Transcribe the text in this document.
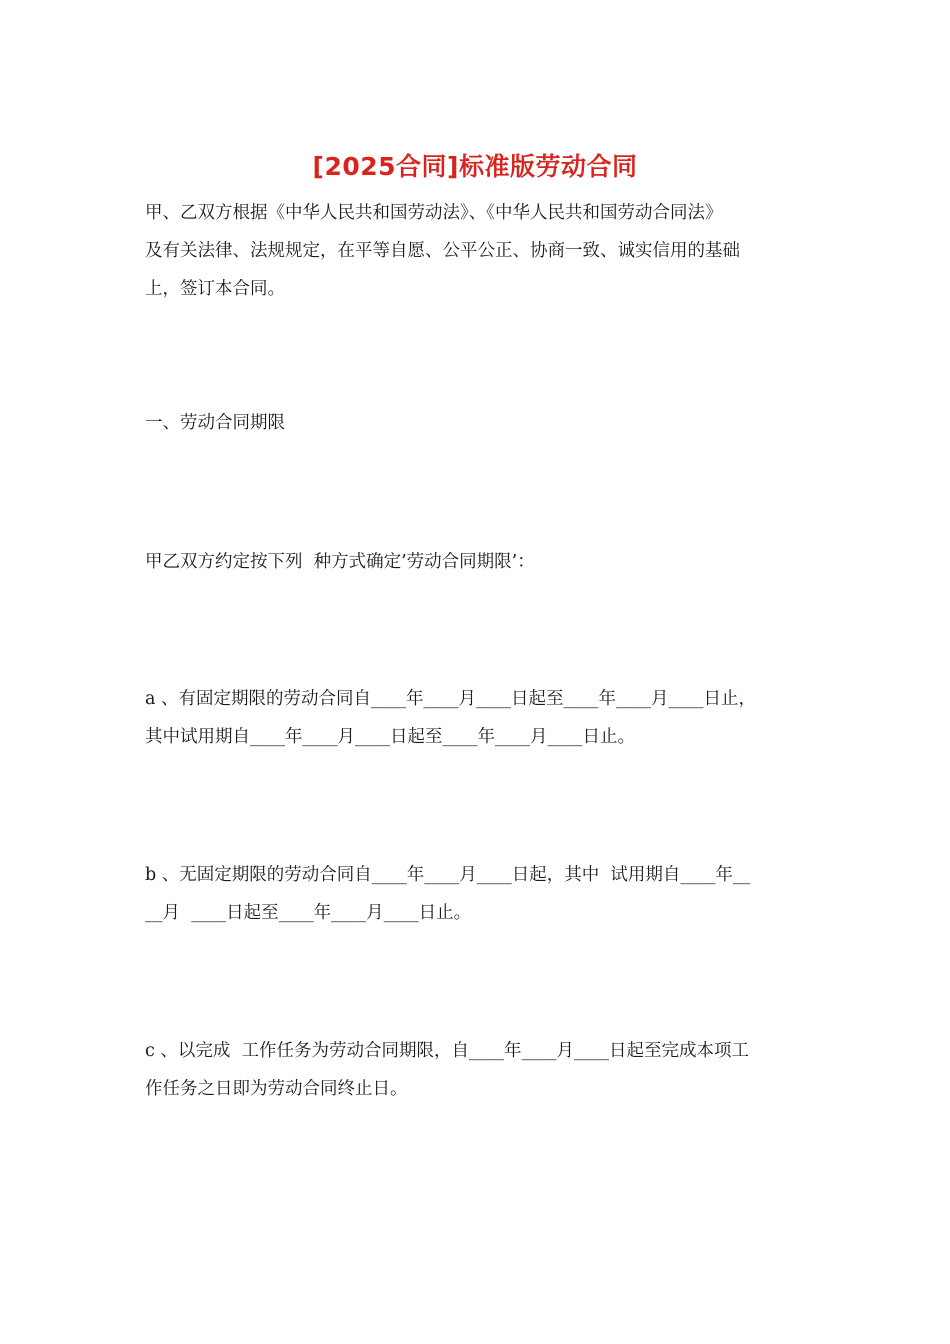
[2025合同]标准版劳动合同

甲、乙双方根据《中华人民共和国劳动法》、《中华人民共和国劳动合同法》
及有关法律、法规规定，在平等自愿、公平公正、协商一致、诚实信用的基础
上，签订本合同。

一、劳动合同期限

甲乙双方约定按下列  种方式确定’劳动合同期限’：

a 、有固定期限的劳动合同自____年____月____日起至____年____月____日止，
其中试用期自____年____月____日起至____年____月____日止。

b 、无固定期限的劳动合同自____年____月____日起，其中  试用期自____年__
__月  ____日起至____年____月____日止。

c 、以完成  工作任务为劳动合同期限，自____年____月____日起至完成本项工
作任务之日即为劳动合同终止日。
